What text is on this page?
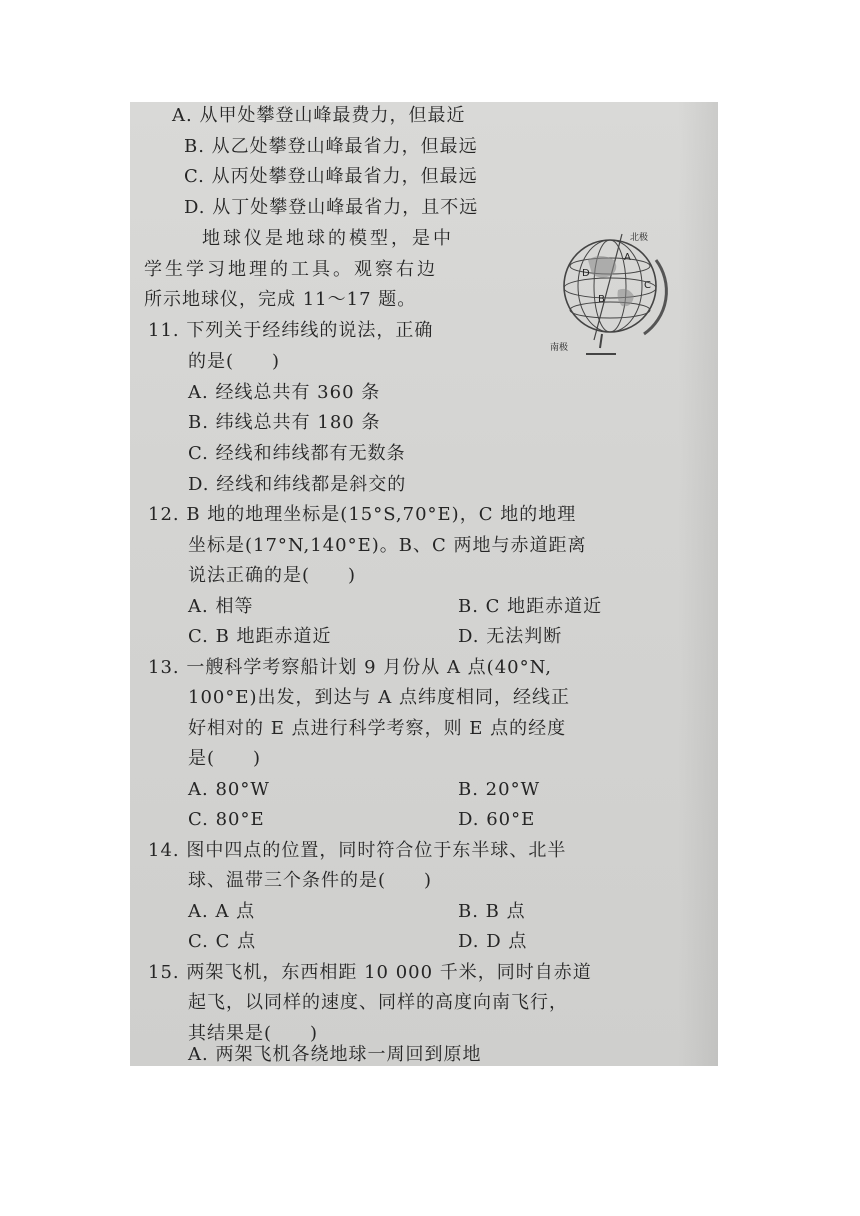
A. 从甲处攀登山峰最费力，但最近
B. 从乙处攀登山峰最省力，但最远
C. 从丙处攀登山峰最省力，但最远
D. 从丁处攀登山峰最省力，且不远
地球仪是地球的模型，是中
学生学习地理的工具。观察右边
所示地球仪，完成 11～17 题。
11. 下列关于经纬线的说法，正确
的是(　　)
A. 经线总共有 360 条
B. 纬线总共有 180 条
C. 经线和纬线都有无数条
D. 经线和纬线都是斜交的
12. B 地的地理坐标是(15°S,70°E)，C 地的地理
坐标是(17°N,140°E)。B、C 两地与赤道距离
说法正确的是(　　)
A. 相等	B. C 地距赤道近
C. B 地距赤道近	D. 无法判断
13. 一艘科学考察船计划 9 月份从 A 点(40°N,
100°E)出发，到达与 A 点纬度相同，经线正
好相对的 E 点进行科学考察，则 E 点的经度
是(　　)
A. 80°W	B. 20°W
C. 80°E	D. 60°E
14. 图中四点的位置，同时符合位于东半球、北半
球、温带三个条件的是(　　)
A. A 点	B. B 点
C. C 点	D. D 点
15. 两架飞机，东西相距 10 000 千米，同时自赤道
起飞，以同样的速度、同样的高度向南飞行，
其结果是(　　)
A. 两架飞机各绕地球一周回到原地
北极
南极
A
B
C
D
